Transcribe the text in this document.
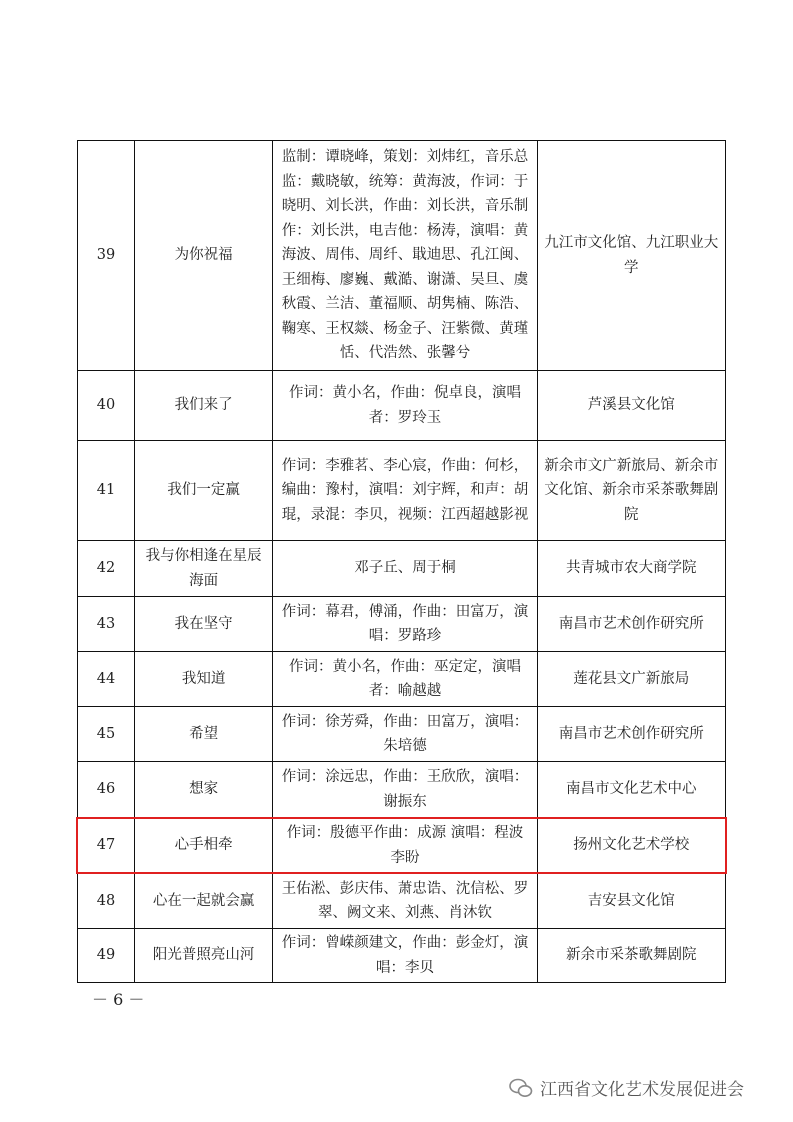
39	为你祝福	监制：谭晓峰，策划：刘炜红，音乐总监：戴晓敏，统筹：黄海波，作词：于晓明、刘长洪，作曲：刘长洪，音乐制作：刘长洪，电吉他：杨涛，演唱：黄海波、周伟、周纤、戢迪思、孔江闽、王细梅、廖巍、戴澔、谢潇、吴旦、虞秋霞、兰洁、董福顺、胡隽楠、陈浩、鞠寒、王权燚、杨金子、汪紫微、黄瑾恬、代浩然、张馨兮	九江市文化馆、九江职业大学
40	我们来了	作词：黄小名，作曲：倪卓良，演唱者：罗玲玉	芦溪县文化馆
41	我们一定赢	作词：李雅茗、李心宸，作曲：何杉，编曲：豫村，演唱：刘宇辉，和声：胡琨，录混：李贝，视频：江西超越影视	新余市文广新旅局、新余市文化馆、新余市采茶歌舞剧院
42	我与你相逢在星辰海面	邓子丘、周于桐	共青城市农大商学院
43	我在坚守	作词：幕君，傅涌，作曲：田富万，演唱：罗路珍	南昌市艺术创作研究所
44	我知道	作词：黄小名，作曲：巫定定，演唱者：喻越越	莲花县文广新旅局
45	希望	作词：徐芳舜，作曲：田富万，演唱：朱培德	南昌市艺术创作研究所
46	想家	作词：涂远忠，作曲：王欣欣，演唱：谢振东	南昌市文化艺术中心
47	心手相牵	作词：殷德平作曲：成源 演唱：程波　李盼	扬州文化艺术学校
48	心在一起就会赢	王佑淞、彭庆伟、萧忠诰、沈信松、罗翠、阙文来、刘燕、肖沐钦	吉安县文化馆
49	阳光普照亮山河	作词：曾嵘颜建文，作曲：彭金灯，演唱：李贝	新余市采茶歌舞剧院
－ 6 －
江西省文化艺术发展促进会
